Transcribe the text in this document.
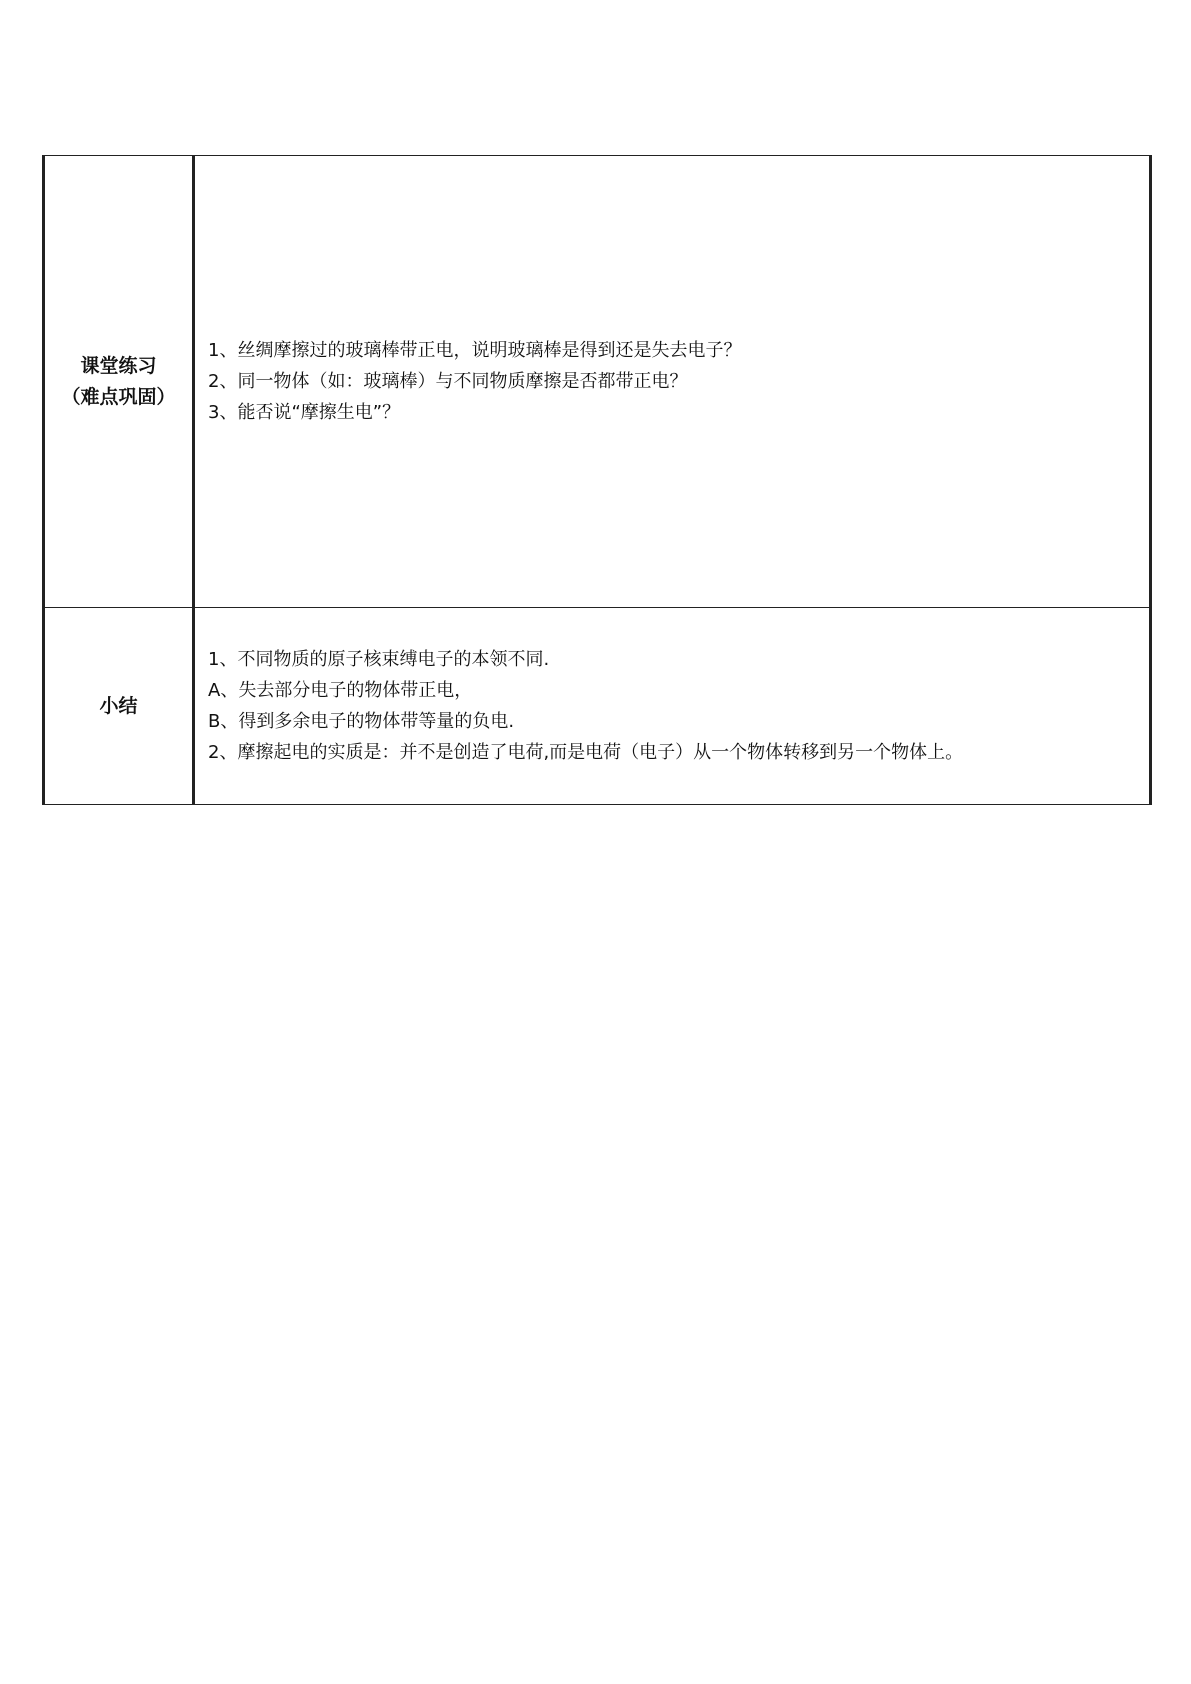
课堂练习
（难点巩固）	1、丝绸摩擦过的玻璃棒带正电，说明玻璃棒是得到还是失去电子？
2、同一物体（如：玻璃棒）与不同物质摩擦是否都带正电？
3、能否说“摩擦生电”？

小结	1、不同物质的原子核束缚电子的本领不同.
A、失去部分电子的物体带正电，
B、得到多余电子的物体带等量的负电.
2、摩擦起电的实质是：并不是创造了电荷,而是电荷（电子）从一个物体转移到另一个物体上。
